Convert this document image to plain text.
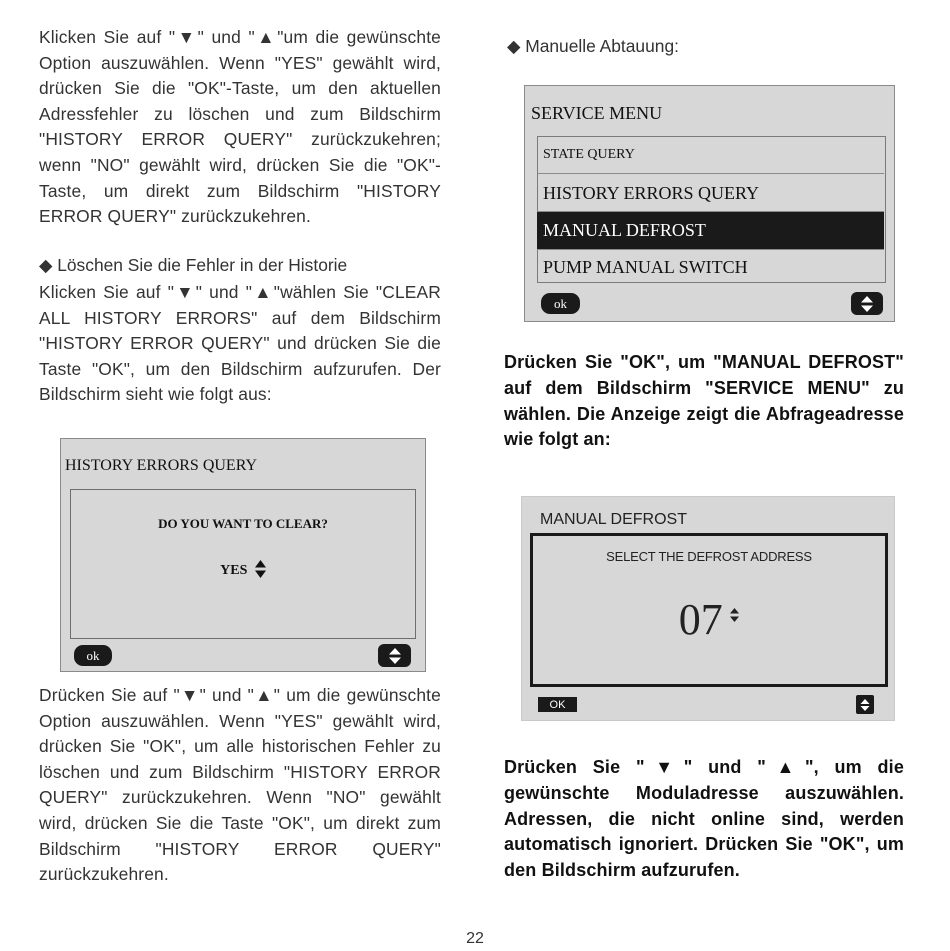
Klicken Sie auf "▼" und "▲"um die gewünschte Option auszuwählen. Wenn "YES" gewählt wird, drücken Sie die "OK"-Taste, um den aktuellen Adressfehler zu löschen und zum Bildschirm "HISTORY ERROR QUERY" zurückzukehren; wenn "NO" gewählt wird, drücken Sie die "OK"-Taste, um direkt zum Bildschirm "HISTORY ERROR QUERY" zurückzukehren.

◆ Löschen Sie die Fehler in der Historie

Klicken Sie auf "▼" und "▲"wählen Sie "CLEAR ALL HISTORY ERRORS" auf dem Bildschirm "HISTORY ERROR QUERY" und drücken Sie die Taste "OK", um den Bildschirm aufzurufen. Der Bildschirm sieht wie folgt aus:

HISTORY ERRORS QUERY
DO YOU WANT TO CLEAR?
YES
ok

Drücken Sie auf "▼" und "▲" um die gewünschte Option auszuwählen. Wenn "YES" gewählt wird, drücken Sie "OK", um alle historischen Fehler zu löschen und zum Bildschirm "HISTORY ERROR QUERY" zurückzukehren. Wenn "NO" gewählt wird, drücken Sie die Taste "OK", um direkt zum Bildschirm "HISTORY ERROR QUERY" zurückzukehren.

◆ Manuelle Abtauung:

SERVICE MENU
STATE QUERY
HISTORY ERRORS QUERY
MANUAL DEFROST
PUMP MANUAL SWITCH
ok

Drücken Sie "OK", um "MANUAL DEFROST" auf dem Bildschirm "SERVICE MENU" zu wählen. Die Anzeige zeigt die Abfrageadresse wie folgt an:

MANUAL DEFROST
SELECT THE DEFROST ADDRESS
07
OK

Drücken Sie "▼" und "▲", um die gewünschte Moduladresse auszuwählen. Adressen, die nicht online sind, werden automatisch ignoriert. Drücken Sie "OK", um den Bildschirm aufzurufen.

22
